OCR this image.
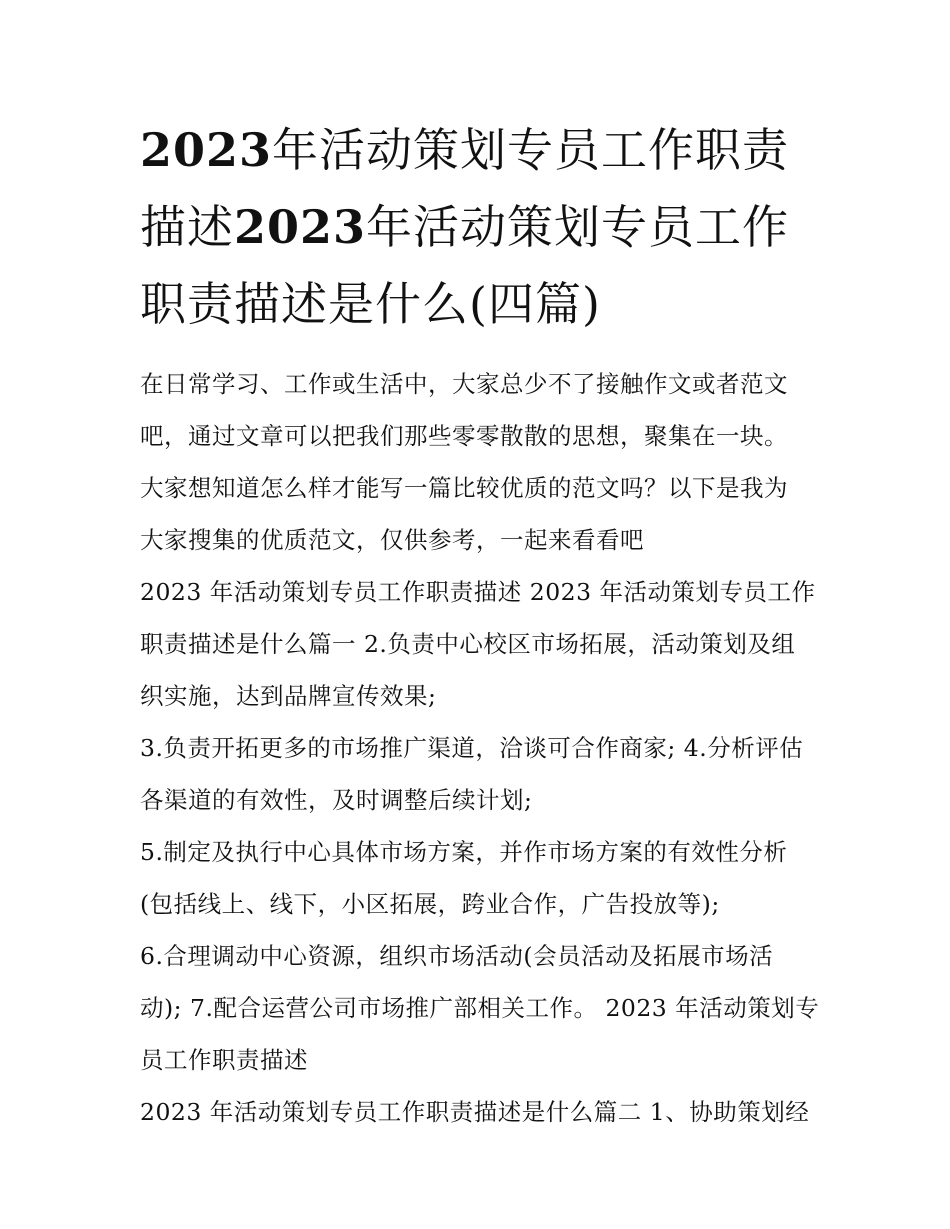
2023年活动策划专员工作职责描述2023年活动策划专员工作职责描述是什么(四篇)
在日常学习、工作或生活中，大家总少不了接触作文或者范文
吧，通过文章可以把我们那些零零散散的思想，聚集在一块。
大家想知道怎么样才能写一篇比较优质的范文吗？以下是我为
大家搜集的优质范文，仅供参考，一起来看看吧
2023 年活动策划专员工作职责描述 2023 年活动策划专员工作
职责描述是什么篇一 2.负责中心校区市场拓展，活动策划及组
织实施，达到品牌宣传效果;
3.负责开拓更多的市场推广渠道，洽谈可合作商家; 4.分析评估
各渠道的有效性，及时调整后续计划;
5.制定及执行中心具体市场方案，并作市场方案的有效性分析
(包括线上、线下，小区拓展，跨业合作，广告投放等);
6.合理调动中心资源，组织市场活动(会员活动及拓展市场活
动); 7.配合运营公司市场推广部相关工作。 2023 年活动策划专
员工作职责描述
2023 年活动策划专员工作职责描述是什么篇二 1、协助策划经
